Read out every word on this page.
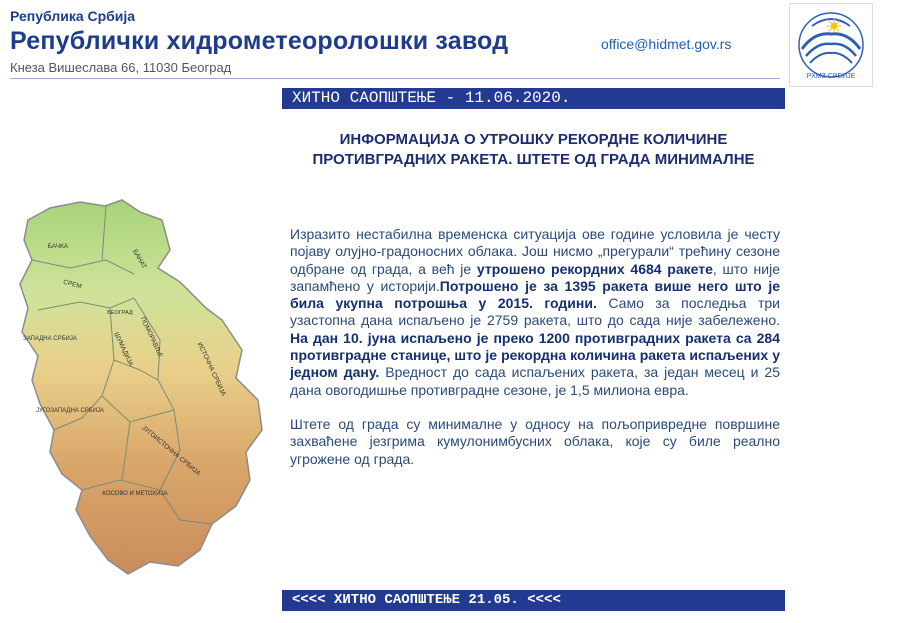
Република Србија
Републички хидрометеоролошки завод
Кнеза Вишеслава 66, 11030 Београд
office@hidmet.gov.rs
РХМЗ СРБИЈЕ
ХИТНО САОПШТЕЊЕ - 11.06.2020.
ИНФОРМАЦИЈА О УТРОШКУ РЕКОРДНЕ КОЛИЧИНЕ ПРОТИВГРАДНИХ РАКЕТА. ШТЕТЕ ОД ГРАДА МИНИМАЛНЕ
БАЧКА
БАНАТ
СРЕМ
БЕОГРАД
ЗАПАДНА СРБИЈА	ШУМАДИЈА ПОМОРАВЉЕ
ИСТОЧНА СРБИЈА
ЈУГОЗАПАДНА СРБИЈА
ЈУГОИСТОЧНА СРБИЈА
КОСОВО И МЕТОХИЈА

Изразито нестабилна временска ситуација ове године условила је честу појаву олујно-градоносних облака. Још нисмо „прегурали“ трећину сезоне одбране од града, а већ је утрошено рекордних 4684 ракете, што није запамћено у историји.Потрошено је за 1395 ракета више него што је била укупна потрошња у 2015. години. Само за последња три узастопна дана испаљено је 2759 ракета, што до сада није забележено. На дан 10. јуна испаљено је преко 1200 противградних ракета са 284 противградне станице, што је рекордна количина ракета испаљених у једном дану. Вредност до сада испаљених ракета, за један месец и 25 дана овогодишње противградне сезоне, је 1,5 милиона евра.

Штете од града су минималне у односу на пољопривредне површине захваћене језгрима кумулонимбусних облака, које су биле реално угрожене од града.

<<<< ХИТНО САОПШТЕЊЕ 21.05. <<<<
